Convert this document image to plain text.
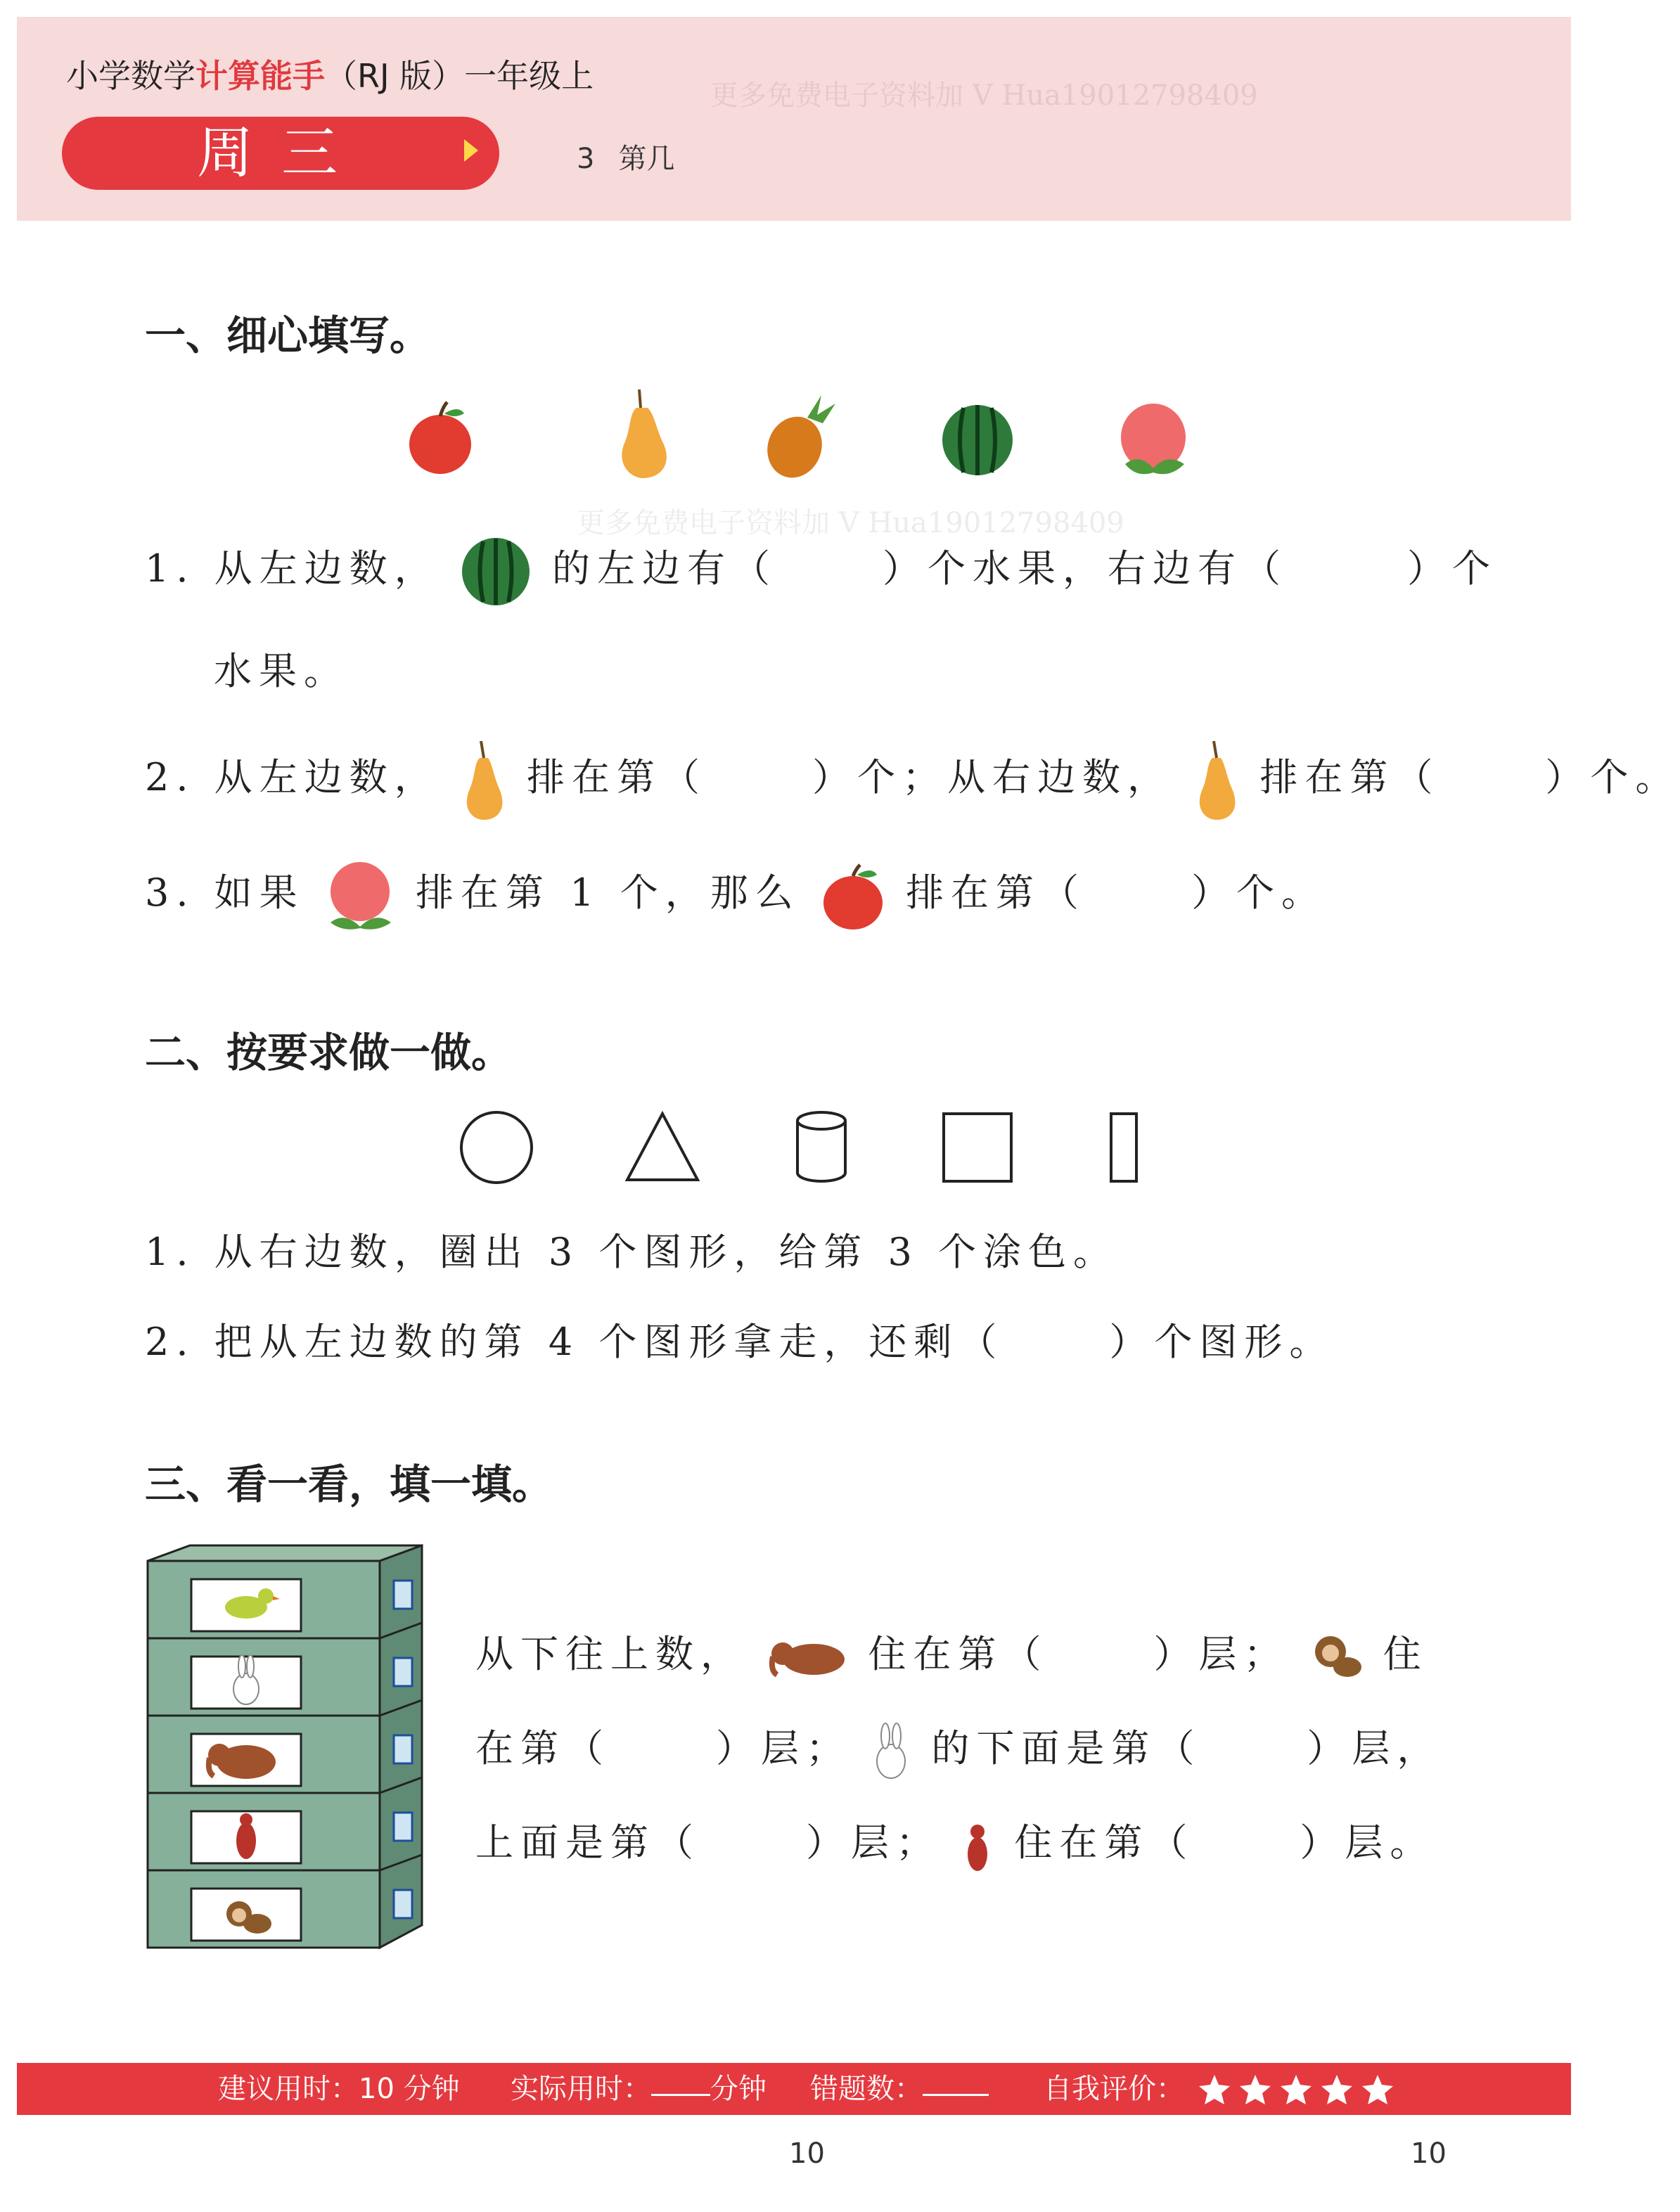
小学数学计算能手（RJ 版）一年级上
更多免费电子资料加 V Hua19012798409
周三	3 第几
一、细心填写。
更多免费电子资料加 V Hua19012798409
1. 从左边数，	的左边有（	）个水果，右边有（	）个
水果。
2. 从左边数， 排在第（	）个；从右边数， 排在第（	）个。
3. 如果	排在第 1 个，那么	排在第（	）个。
二、按要求做一做。
1. 从右边数，圈出 3 个图形，给第 3 个涂色。
2. 把从左边数的第 4 个图形拿走，还剩（	）个图形。
三、看一看，填一填。
从下往上数，	住在第（	）层； 住
在第（	）层； 的下面是第（	）层，
上面是第（	）层； 住在第（	）层。
建议用时：10 分钟 实际用时： 分钟 错题数：	自我评价：
10	10
